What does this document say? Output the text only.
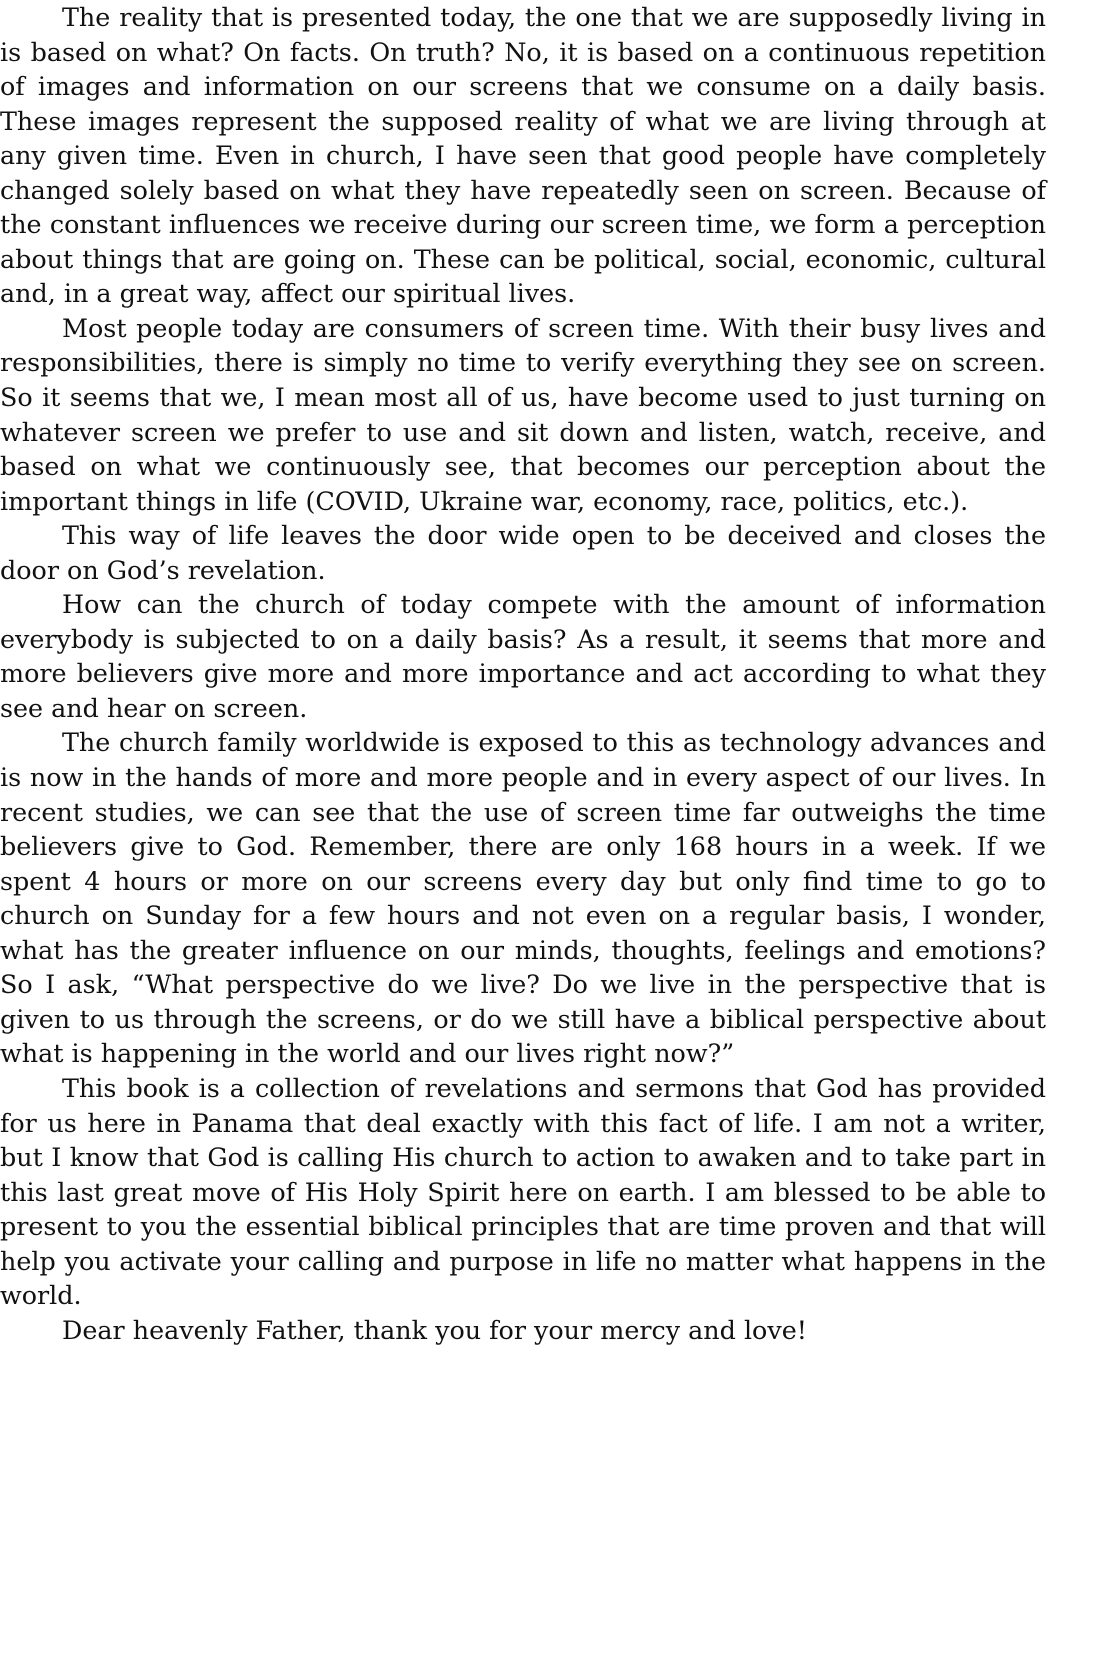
The reality that is presented today, the one that we are supposedly living in is based on what? On facts. On truth? No, it is based on a continuous repetition of images and information on our screens that we consume on a daily basis. These images represent the supposed reality of what we are living through at any given time. Even in church, I have seen that good people have completely changed solely based on what they have repeatedly seen on screen. Because of the constant influences we receive during our screen time, we form a perception about things that are going on. These can be political, social, economic, cultural and, in a great way, affect our spiritual lives.

Most people today are consumers of screen time. With their busy lives and responsibilities, there is simply no time to verify everything they see on screen. So it seems that we, I mean most all of us, have become used to just turning on whatever screen we prefer to use and sit down and listen, watch, receive, and based on what we continuously see, that becomes our perception about the important things in life (COVID, Ukraine war, economy, race, politics, etc.).

This way of life leaves the door wide open to be deceived and closes the door on God’s revelation.

How can the church of today compete with the amount of information everybody is subjected to on a daily basis? As a result, it seems that more and more believers give more and more importance and act according to what they see and hear on screen.

The church family worldwide is exposed to this as technology advances and is now in the hands of more and more people and in every aspect of our lives. In recent studies, we can see that the use of screen time far outweighs the time believers give to God. Remember, there are only 168 hours in a week. If we spent 4 hours or more on our screens every day but only find time to go to church on Sunday for a few hours and not even on a regular basis, I wonder, what has the greater influence on our minds, thoughts, feelings and emotions? So I ask, “What perspective do we live? Do we live in the perspective that is given to us through the screens, or do we still have a biblical perspective about what is happening in the world and our lives right now?”

This book is a collection of revelations and sermons that God has provided for us here in Panama that deal exactly with this fact of life. I am not a writer, but I know that God is calling His church to action to awaken and to take part in this last great move of His Holy Spirit here on earth. I am blessed to be able to present to you the essential biblical principles that are time proven and that will help you activate your calling and purpose in life no matter what happens in the world.

Dear heavenly Father, thank you for your mercy and love!
